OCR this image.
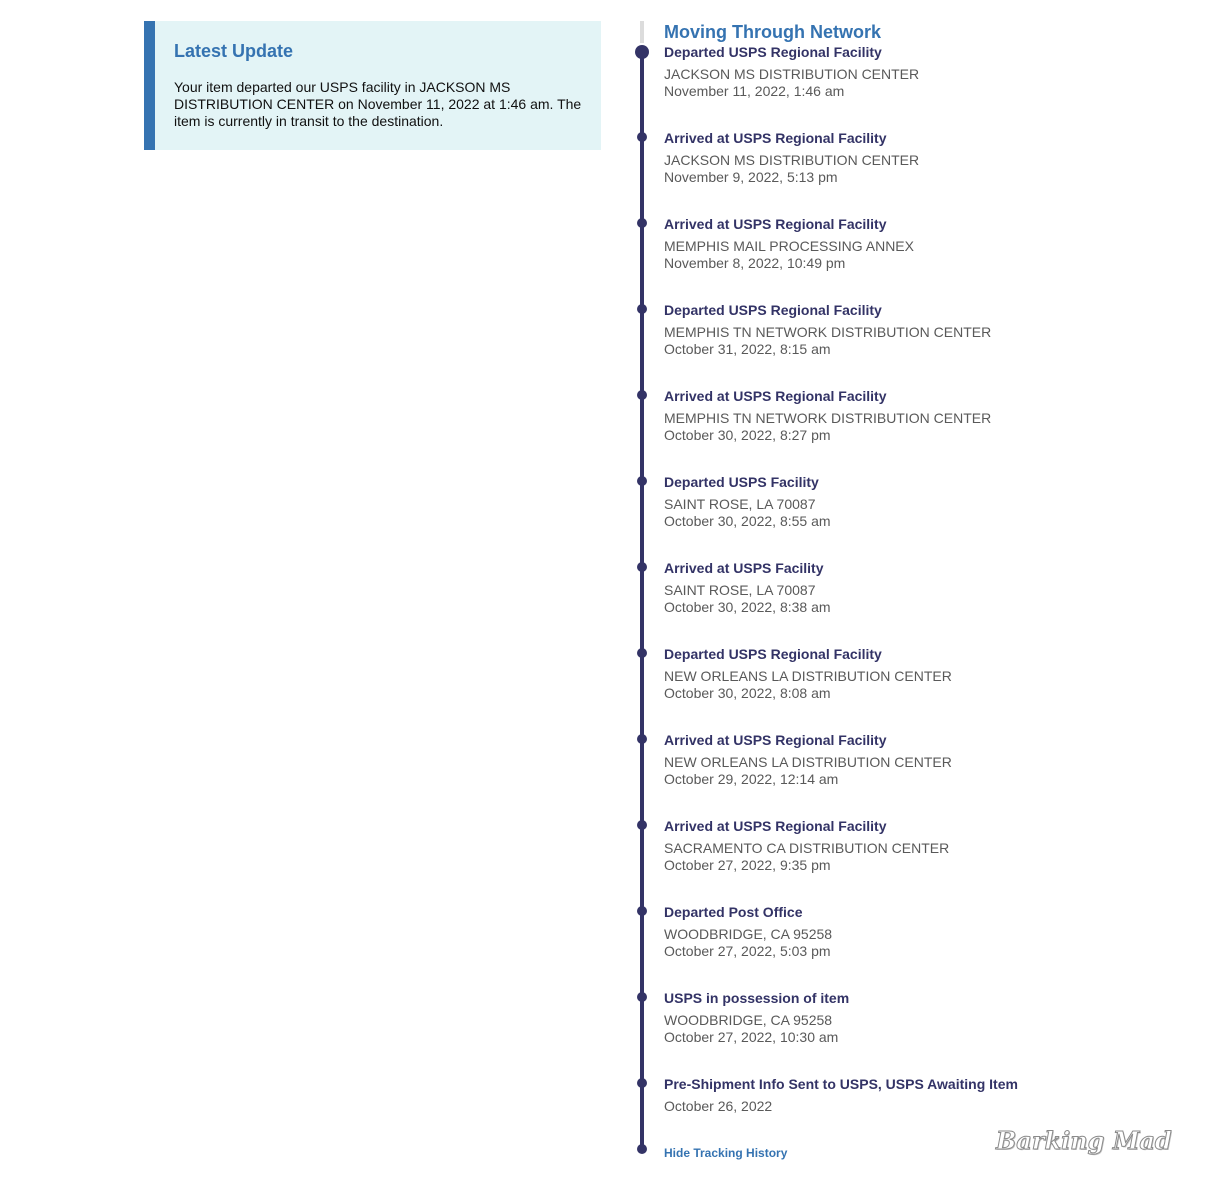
Latest Update
Your item departed our USPS facility in JACKSON MS DISTRIBUTION CENTER on November 11, 2022 at 1:46 am. The item is currently in transit to the destination.
Moving Through Network
Departed USPS Regional Facility
JACKSON MS DISTRIBUTION CENTER
November 11, 2022, 1:46 am
Arrived at USPS Regional Facility
JACKSON MS DISTRIBUTION CENTER
November 9, 2022, 5:13 pm
Arrived at USPS Regional Facility
MEMPHIS MAIL PROCESSING ANNEX
November 8, 2022, 10:49 pm
Departed USPS Regional Facility
MEMPHIS TN NETWORK DISTRIBUTION CENTER
October 31, 2022, 8:15 am
Arrived at USPS Regional Facility
MEMPHIS TN NETWORK DISTRIBUTION CENTER
October 30, 2022, 8:27 pm
Departed USPS Facility
SAINT ROSE, LA 70087
October 30, 2022, 8:55 am
Arrived at USPS Facility
SAINT ROSE, LA 70087
October 30, 2022, 8:38 am
Departed USPS Regional Facility
NEW ORLEANS LA DISTRIBUTION CENTER
October 30, 2022, 8:08 am
Arrived at USPS Regional Facility
NEW ORLEANS LA DISTRIBUTION CENTER
October 29, 2022, 12:14 am
Arrived at USPS Regional Facility
SACRAMENTO CA DISTRIBUTION CENTER
October 27, 2022, 9:35 pm
Departed Post Office
WOODBRIDGE, CA 95258
October 27, 2022, 5:03 pm
USPS in possession of item
WOODBRIDGE, CA 95258
October 27, 2022, 10:30 am
Pre-Shipment Info Sent to USPS, USPS Awaiting Item
October 26, 2022
Hide Tracking History	Barking Mad
